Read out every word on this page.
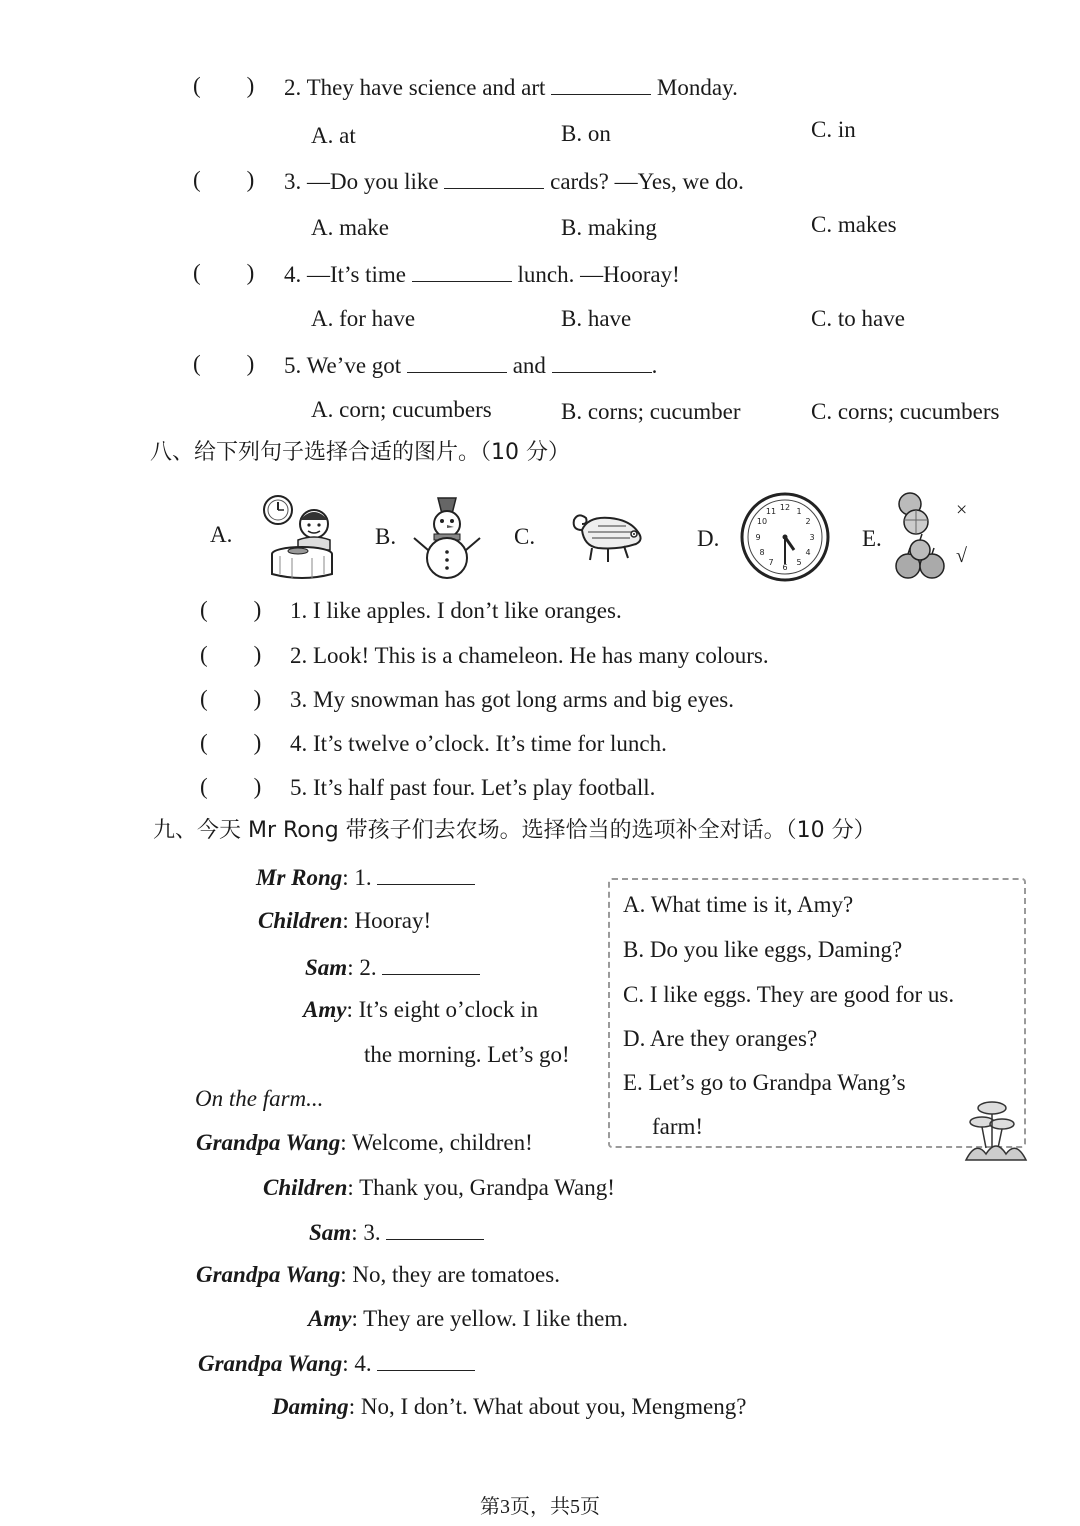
(        ) 2. They have science and art	Monday.
A. at	B. on	C. in
(        ) 3. —Do you like	cards? —Yes, we do.
A. make	B. making	C. makes
(        ) 4. —It’s time	lunch. —Hooray!
A. for have	B. have	C. to have
(        ) 5. We’ve got	and	.
A. corn; cucumbers	B. corns; cucumber	C. corns; cucumbers
八、给下列句子选择合适的图片。（10 分）
A.	B.	C.	D.
12 1
2
3
4
5
6
7
8
9
10
11
E.
×
√
(        ) 1. I like apples. I don’t like oranges.
(        ) 2. Look! This is a chameleon. He has many colours.
(        ) 3. My snowman has got long arms and big eyes.
(        ) 4. It’s twelve o’clock. It’s time for lunch.
(        ) 5. It’s half past four. Let’s play football.
九、今天 Mr Rong 带孩子们去农场。选择恰当的选项补全对话。（10 分）
Mr Rong: 1.
Children: Hooray!
Sam: 2.
Amy: It’s eight o’clock in
the morning. Let’s go!
On the farm...
Grandpa Wang: Welcome, children!
Children: Thank you, Grandpa Wang!
Sam: 3.
Grandpa Wang: No, they are tomatoes.
Amy: They are yellow. I like them.
Grandpa Wang: 4.
Daming: No, I don’t. What about you, Mengmeng?
A. What time is it, Amy?
B. Do you like eggs, Daming?
C. I like eggs. They are good for us.
D. Are they oranges?
E. Let’s go to Grandpa Wang’s
farm!
第3页，共5页
